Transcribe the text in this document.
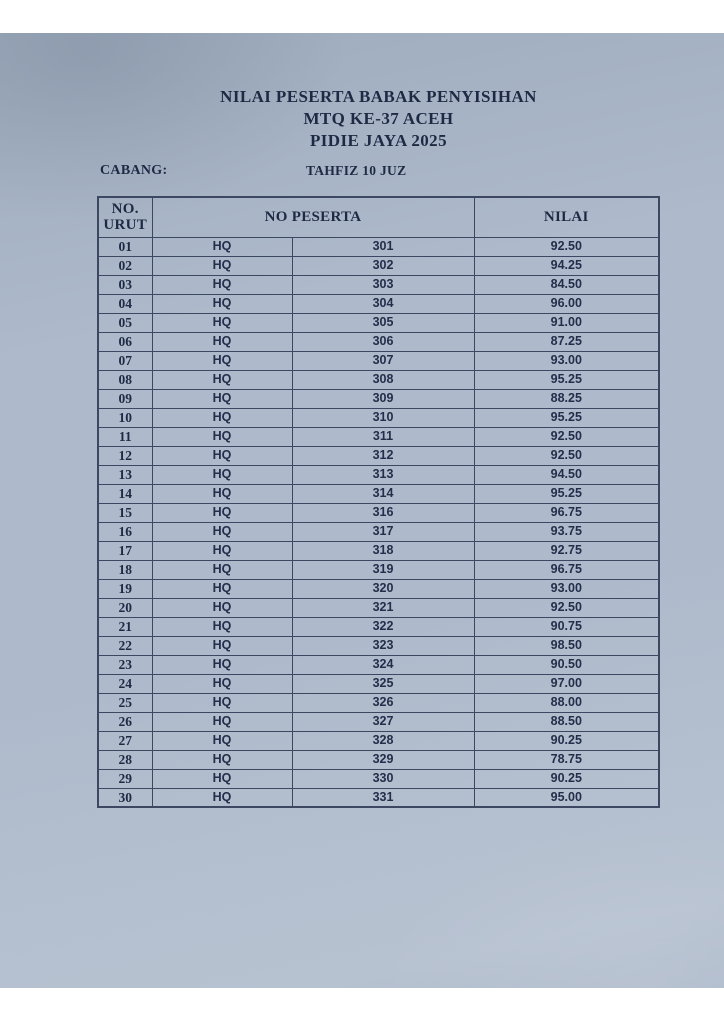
NILAI PESERTA BABAK PENYISIHAN
MTQ KE-37 ACEH
PIDIE JAYA 2025
CABANG:	TAHFIZ 10 JUZ
NO.
URUT	NO PESERTA		NILAI
01	HQ	301	92.50
02	HQ	302	94.25
03	HQ	303	84.50
04	HQ	304	96.00
05	HQ	305	91.00
06	HQ	306	87.25
07	HQ	307	93.00
08	HQ	308	95.25
09	HQ	309	88.25
10	HQ	310	95.25
11	HQ	311	92.50
12	HQ	312	92.50
13	HQ	313	94.50
14	HQ	314	95.25
15	HQ	316	96.75
16	HQ	317	93.75
17	HQ	318	92.75
18	HQ	319	96.75
19	HQ	320	93.00
20	HQ	321	92.50
21	HQ	322	90.75
22	HQ	323	98.50
23	HQ	324	90.50
24	HQ	325	97.00
25	HQ	326	88.00
26	HQ	327	88.50
27	HQ	328	90.25
28	HQ	329	78.75
29	HQ	330	90.25
30	HQ	331	95.00
